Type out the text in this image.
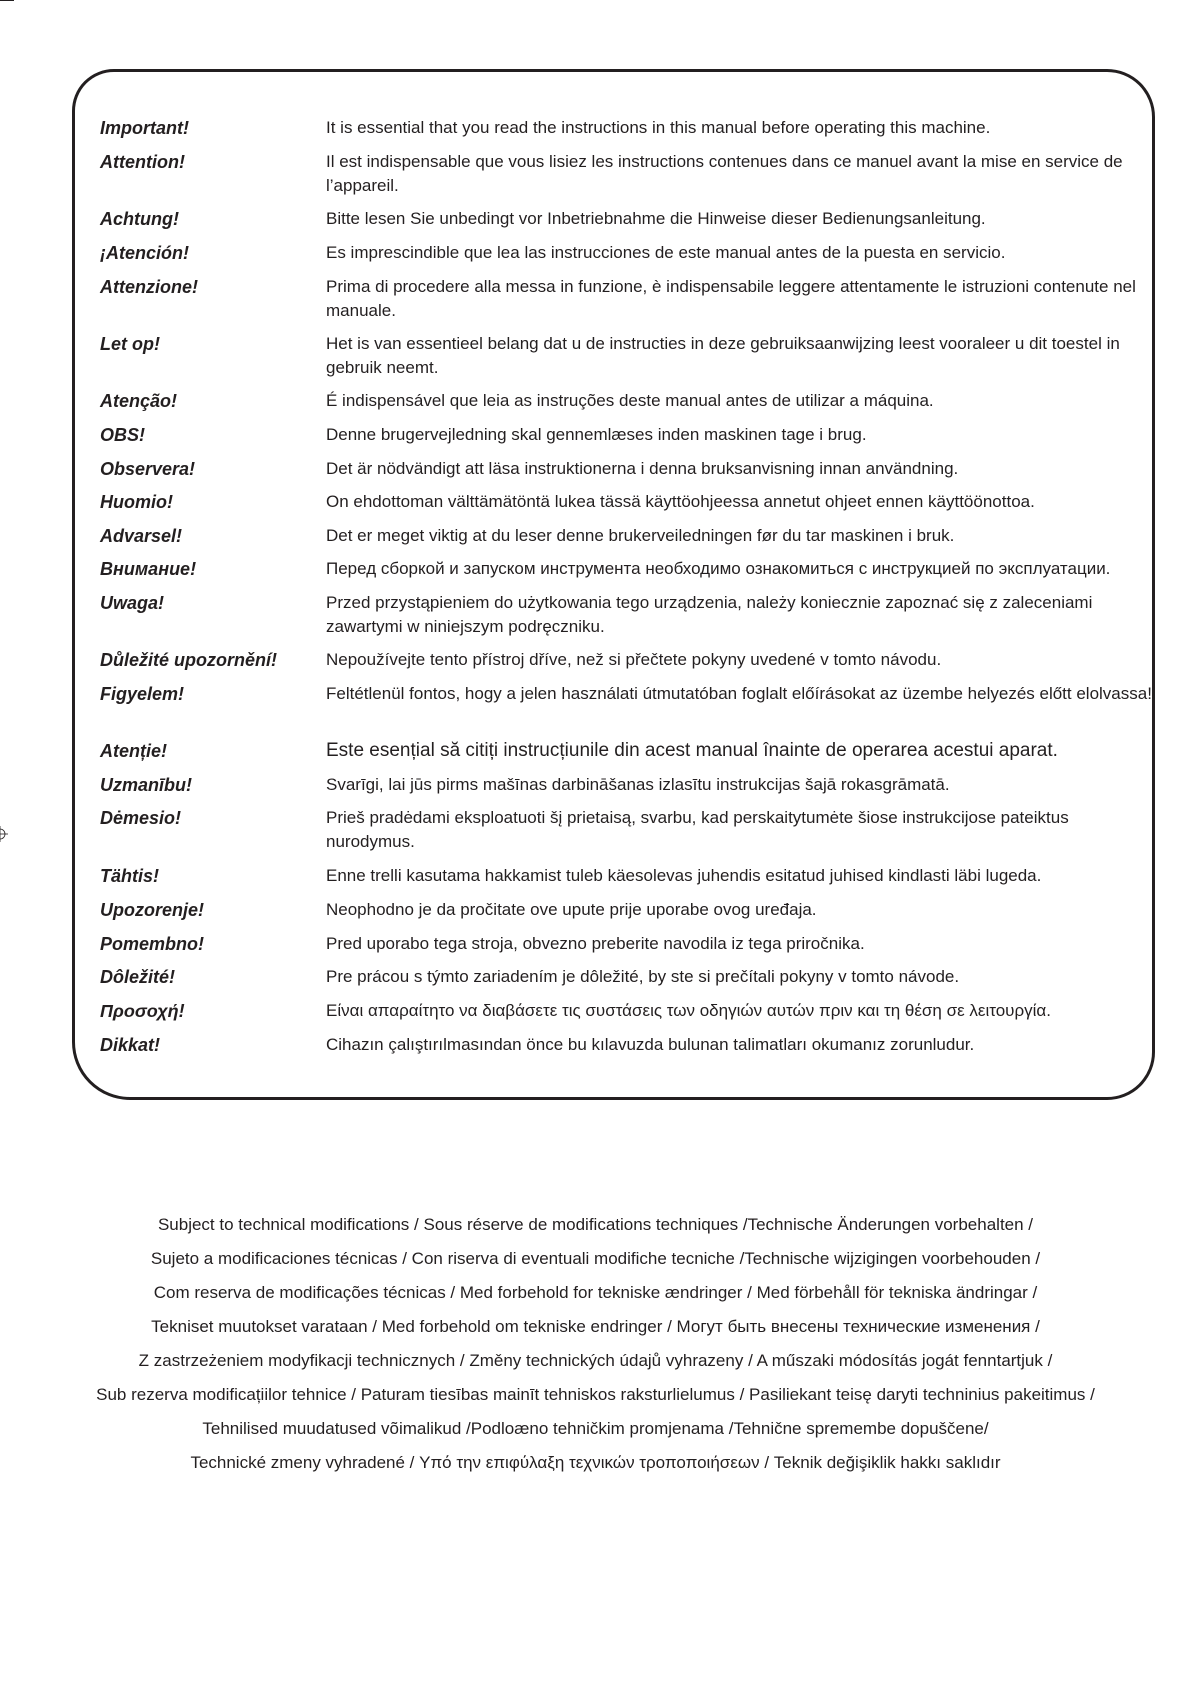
Important!	It is essential that you read the instructions in this manual before operating this machine.
Attention!	Il est indispensable que vous lisiez les instructions contenues dans ce manuel avant la mise en service de l’appareil.
Achtung!	Bitte lesen Sie unbedingt vor Inbetriebnahme die Hinweise dieser Bedienungsanleitung.
¡Atención!	Es imprescindible que lea las instrucciones de este manual antes de la puesta en servicio.
Attenzione!	Prima di procedere alla messa in funzione, è indispensabile leggere attentamente le istruzioni contenute nel manuale.
Let op!	Het is van essentieel belang dat u de instructies in deze gebruiksaanwijzing leest vooraleer u dit toestel in gebruik neemt.
Atenção!	É indispensável que leia as instruções deste manual antes de utilizar a máquina.
OBS!	Denne brugervejledning skal gennemlæses inden maskinen tage i brug.
Observera!	Det är nödvändigt att läsa instruktionerna i denna bruksanvisning innan användning.
Huomio!	On ehdottoman välttämätöntä lukea tässä käyttöohjeessa annetut ohjeet ennen käyttöönottoa.
Advarsel!	Det er meget viktig at du leser denne brukerveiledningen før du tar maskinen i bruk.
Внимание!	Перед сборкой и запуском инструмента необходимо ознакомиться с инструкцией по эксплуатации.
Uwaga!	Przed przystąpieniem do użytkowania tego urządzenia, należy koniecznie zapoznać się z zaleceniami zawartymi w niniejszym podręczniku.
Důležité upozornění!	Nepoužívejte tento přístroj dříve, než si přečtete pokyny uvedené v tomto návodu.
Figyelem!	Feltétlenül fontos, hogy a jelen használati útmutatóban foglalt előírásokat az üzembe helyezés előtt elolvassa!
Atenție!	Este esențial să citiți instrucțiunile din acest manual înainte de operarea acestui aparat.
Uzmanību!	Svarīgi, lai jūs pirms mašīnas darbināšanas izlasītu instrukcijas šajā rokasgrāmatā.
Dėmesio!	Prieš pradėdami eksploatuoti šį prietaisą, svarbu, kad perskaitytumėte šiose instrukcijose pateiktus nurodymus.
Tähtis!	Enne trelli kasutama hakkamist tuleb käesolevas juhendis esitatud juhised kindlasti läbi lugeda.
Upozorenje!	Neophodno je da pročitate ove upute prije uporabe ovog uređaja.
Pomembno!	Pred uporabo tega stroja, obvezno preberite navodila iz tega priročnika.
Dôležité!	Pre prácou s týmto zariadením je dôležité, by ste si prečítali pokyny v tomto návode.
Προσοχή!	Είναι απαραίτητο να διαβάσετε τις συστάσεις των οδηγιών αυτών πριν και τη θέση σε λειτουργία.
Dikkat!	Cihazın çalıştırılmasından önce bu kılavuzda bulunan talimatları okumanız zorunludur.
Subject to technical modifications / Sous réserve de modifications techniques /Technische Änderungen vorbehalten /
Sujeto a modificaciones técnicas / Con riserva di eventuali modifiche tecniche /Technische wijzigingen voorbehouden /
Com reserva de modificações técnicas / Med forbehold for tekniske ændringer / Med förbehåll för tekniska ändringar /
Tekniset muutokset varataan / Med forbehold om tekniske endringer / Могут быть внесены технические изменения /
Z zastrzeżeniem modyfikacji technicznych / Změny technických údajů vyhrazeny / A műszaki módosítás jogát fenntartjuk /
Sub rezerva modificațiilor tehnice / Paturam tiesības mainīt tehniskos raksturlielumus / Pasiliekant teisę daryti techninius pakeitimus /
Tehnilised muudatused võimalikud /Podloæno tehničkim promjenama /Tehnične spremembe dopuščene/
Technické zmeny vyhradené / Υπό την επιφύλαξη τεχνικών τροποποιήσεων / Teknik değişiklik hakkı saklıdır
